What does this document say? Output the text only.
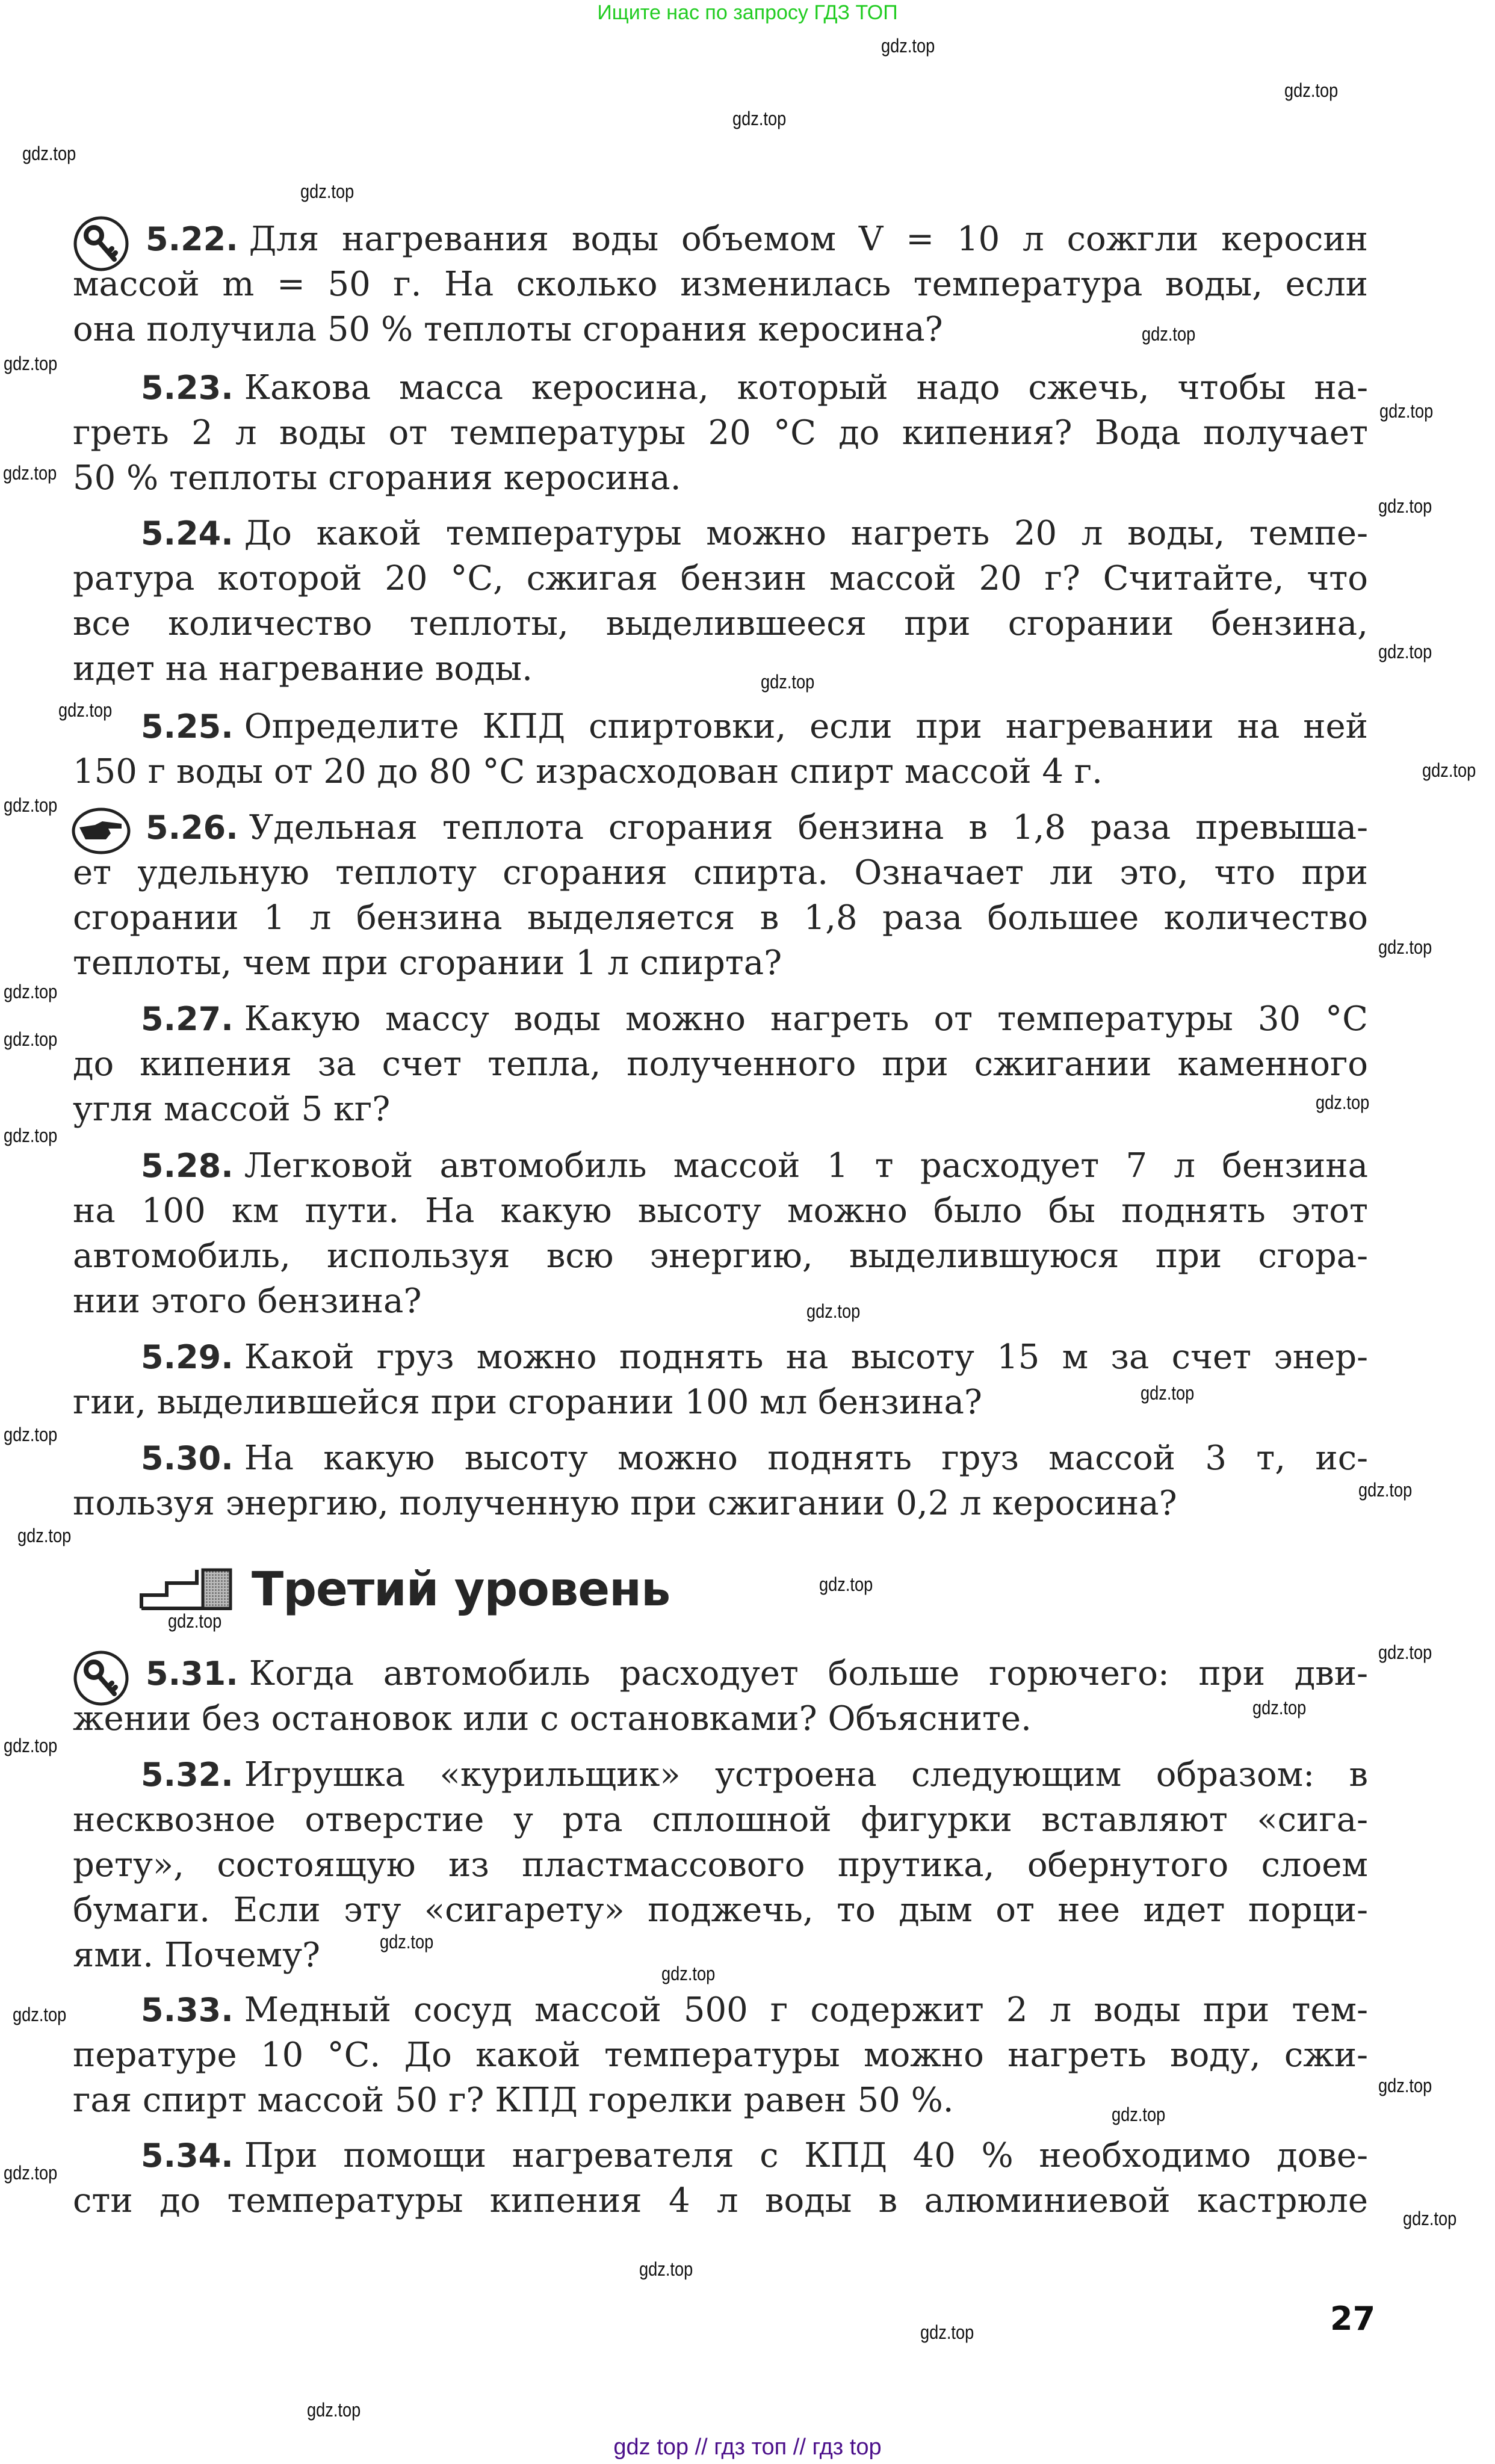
Ищите нас по запросу ГДЗ ТОП
gdz.top
gdz.top
gdz.top
gdz.top
gdz.top
gdz.top
gdz.top
gdz.top
gdz.top
gdz.top
gdz.top
gdz.top
gdz.top
gdz.top
gdz.top
gdz.top
gdz.top
gdz.top
gdz.top
gdz.top
gdz.top
gdz.top
gdz.top
gdz.top
gdz.top
gdz.top
gdz.top
gdz.top
gdz.top
gdz.top
gdz.top
gdz.top
gdz.top
gdz.top
gdz.top
gdz.top
gdz.top
gdz.top
gdz.top
gdz.top
5.22. Для нагревания воды объемом V = 10 л сожгли керосин
массой m = 50 г. На сколько изменилась температура воды, если
она получила 50 % теплоты сгорания керосина?
5.23. Какова масса керосина, который надо сжечь, чтобы на-
греть 2 л воды от температуры 20 °С до кипения? Вода получает
50 % теплоты сгорания керосина.
5.24. До какой температуры можно нагреть 20 л воды, темпе-
ратура которой 20 °С, сжигая бензин массой 20 г? Считайте, что
все количество теплоты, выделившееся при сгорании бензина,
идет на нагревание воды.
5.25. Определите КПД спиртовки, если при нагревании на ней
150 г воды от 20 до 80 °С израсходован спирт массой 4 г.
5.26. Удельная теплота сгорания бензина в 1,8 раза превыша-
ет удельную теплоту сгорания спирта. Означает ли это, что при
сгорании 1 л бензина выделяется в 1,8 раза большее количество
теплоты, чем при сгорании 1 л спирта?
5.27. Какую массу воды можно нагреть от температуры 30 °С
до кипения за счет тепла, полученного при сжигании каменного
угля массой 5 кг?
5.28. Легковой автомобиль массой 1 т расходует 7 л бензина
на 100 км пути. На какую высоту можно было бы поднять этот
автомобиль, используя всю энергию, выделившуюся при сгора-
нии этого бензина?
5.29. Какой груз можно поднять на высоту 15 м за счет энер-
гии, выделившейся при сгорании 100 мл бензина?
5.30. На какую высоту можно поднять груз массой 3 т, ис-
пользуя энергию, полученную при сжигании 0,2 л керосина?
5.31. Когда автомобиль расходует больше горючего: при дви-
жении без остановок или с остановками? Объясните.
5.32. Игрушка «курильщик» устроена следующим образом: в
несквозное отверстие у рта сплошной фигурки вставляют «сига-
рету», состоящую из пластмассового прутика, обернутого слоем
бумаги. Если эту «сигарету» поджечь, то дым от нее идет порци-
ями. Почему?
5.33. Медный сосуд массой 500 г содержит 2 л воды при тем-
пературе 10 °С. До какой температуры можно нагреть воду, сжи-
гая спирт массой 50 г? КПД горелки равен 50 %.
5.34. При помощи нагревателя с КПД 40 % необходимо дове-
сти до температуры кипения 4 л воды в алюминиевой кастрюле
Третий уровень
27
gdz top // гдз топ // гдз top
